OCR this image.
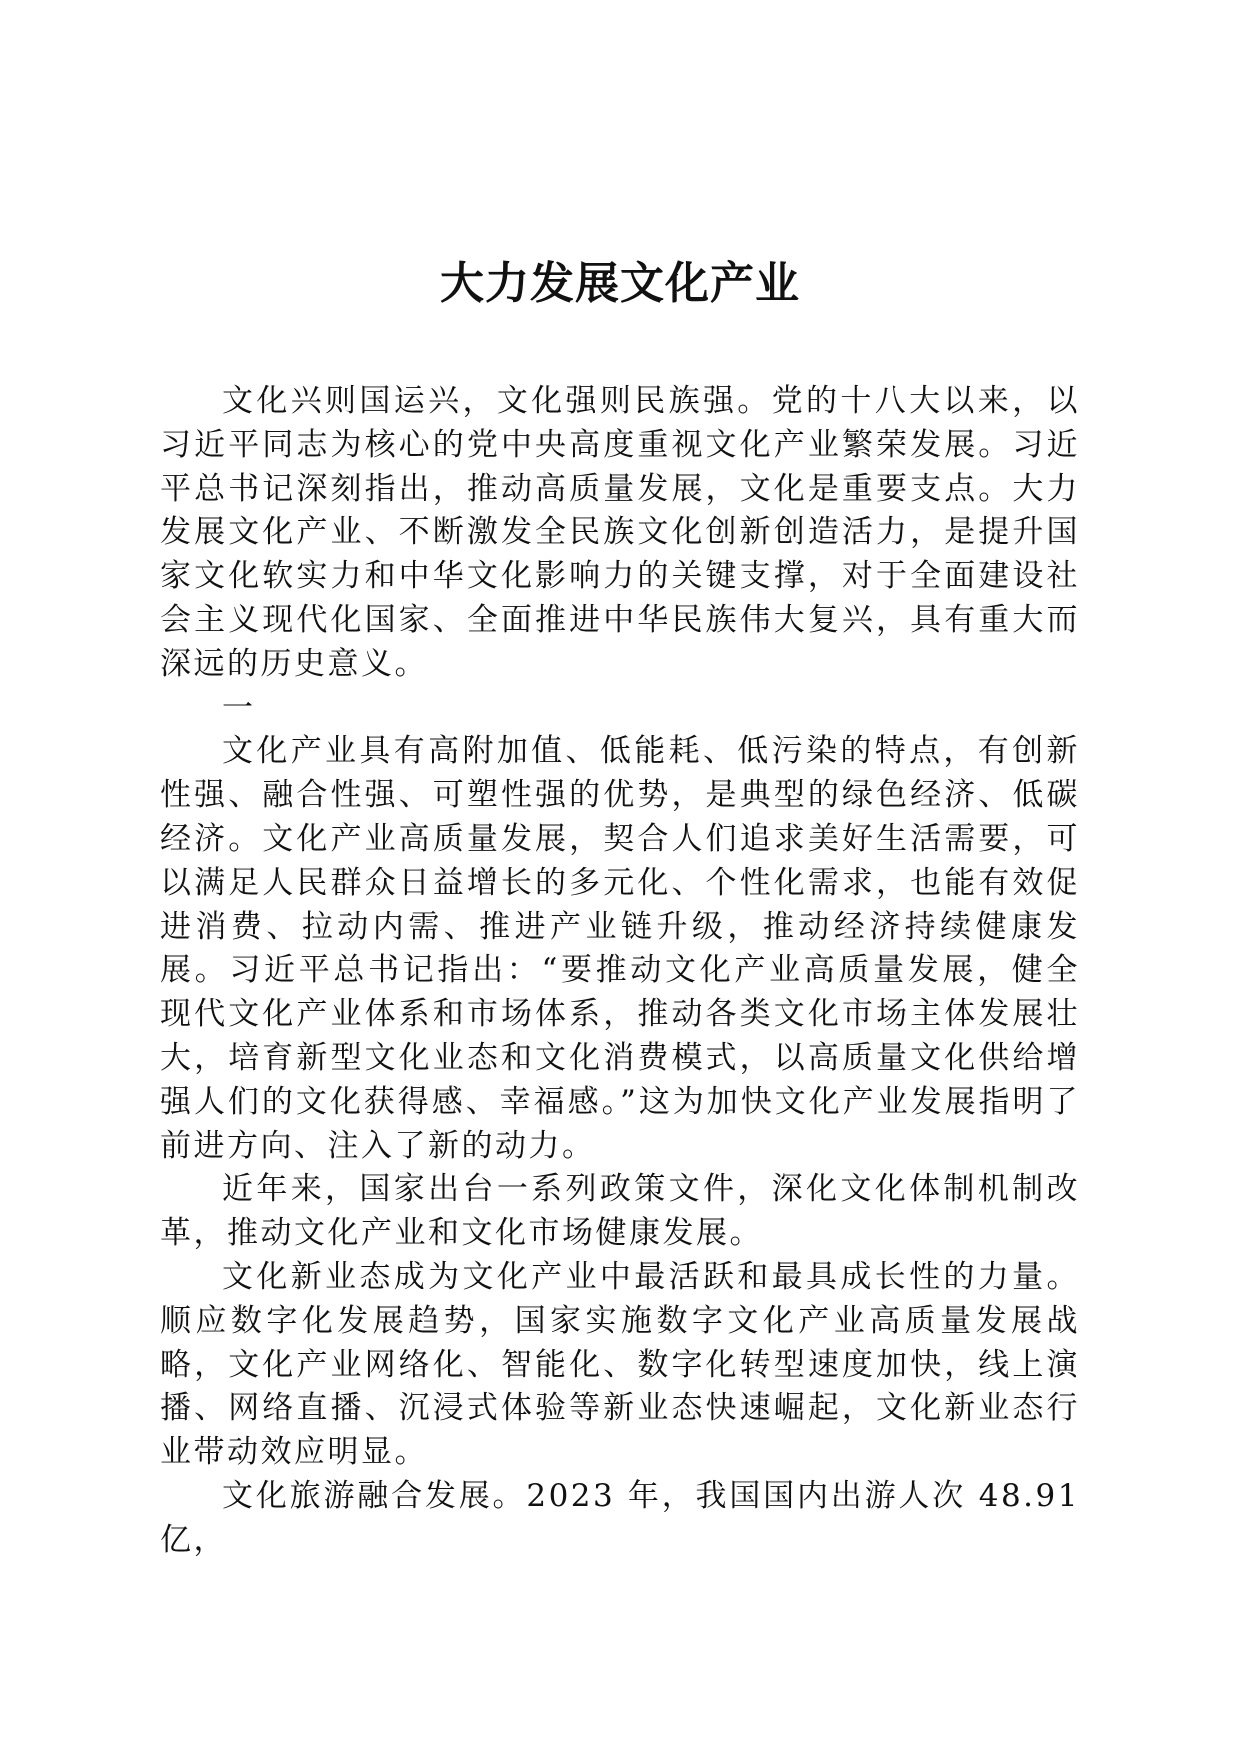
大力发展文化产业

文化兴则国运兴，文化强则民族强。党的十八大以来，以习近平同志为核心的党中央高度重视文化产业繁荣发展。习近平总书记深刻指出，推动高质量发展，文化是重要支点。大力发展文化产业、不断激发全民族文化创新创造活力，是提升国家文化软实力和中华文化影响力的关键支撑，对于全面建设社会主义现代化国家、全面推进中华民族伟大复兴，具有重大而深远的历史意义。

一

文化产业具有高附加值、低能耗、低污染的特点，有创新性强、融合性强、可塑性强的优势，是典型的绿色经济、低碳经济。文化产业高质量发展，契合人们追求美好生活需要，可以满足人民群众日益增长的多元化、个性化需求，也能有效促进消费、拉动内需、推进产业链升级，推动经济持续健康发展。习近平总书记指出：“要推动文化产业高质量发展，健全现代文化产业体系和市场体系，推动各类文化市场主体发展壮大，培育新型文化业态和文化消费模式，以高质量文化供给增强人们的文化获得感、幸福感。”这为加快文化产业发展指明了前进方向、注入了新的动力。

近年来，国家出台一系列政策文件，深化文化体制机制改革，推动文化产业和文化市场健康发展。

文化新业态成为文化产业中最活跃和最具成长性的力量。顺应数字化发展趋势，国家实施数字文化产业高质量发展战略，文化产业网络化、智能化、数字化转型速度加快，线上演播、网络直播、沉浸式体验等新业态快速崛起，文化新业态行业带动效应明显。

文化旅游融合发展。2023 年，我国国内出游人次 48.91 亿，
